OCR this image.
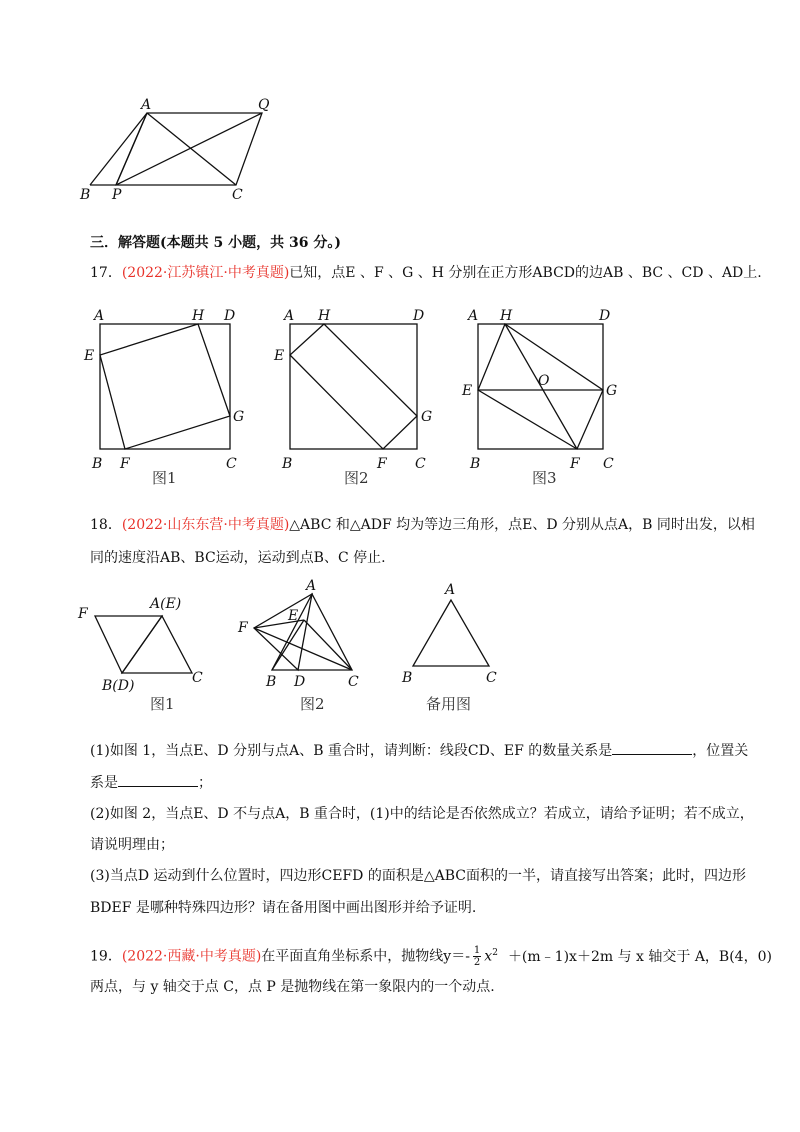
A	Q
B P	C
三．解答题(本题共 5 小题，共 36 分。)
17．(2022·江苏镇江·中考真题)已知，点E 、F 、G 、H 分别在正方形ABCD的边AB 、BC 、CD 、AD上.
A	H D
E
G
B F	C
图1
A H	D
E
G
B	F C
图2
A H	D
E
O
G
B	F C
图3
18．(2022·山东东营·中考真题)△ABC 和△ADF 均为等边三角形，点E、D 分别从点A，B 同时出发，以相
同的速度沿AB、BC运动，运动到点B、C 停止.
F
A(E)
B(D)	C
图1
A
E
F
B D	C
图2
A
B	C
备用图
(1)如图 1，当点E、D 分别与点A、B 重合时，请判断：线段CD、EF 的数量关系是	，位置关
系是	；
(2)如图 2，当点E、D 不与点A，B 重合时，(1)中的结论是否依然成立？若成立，请给予证明；若不成立，
请说明理由；
(3)当点D 运动到什么位置时，四边形CEFD 的面积是△ABC面积的一半，请直接写出答案；此时，四边形
BDEF 是哪种特殊四边形？请在备用图中画出图形并给予证明.
19．(2022·西藏·中考真题)在平面直角坐标系中，抛物线$y=- \frac{1}{2} x^2$ ＋(m﹣1)x＋2m 与 x 轴交于 A，B(4，0)
两点，与 y 轴交于点 C，点 P 是抛物线在第一象限内的一个动点.
